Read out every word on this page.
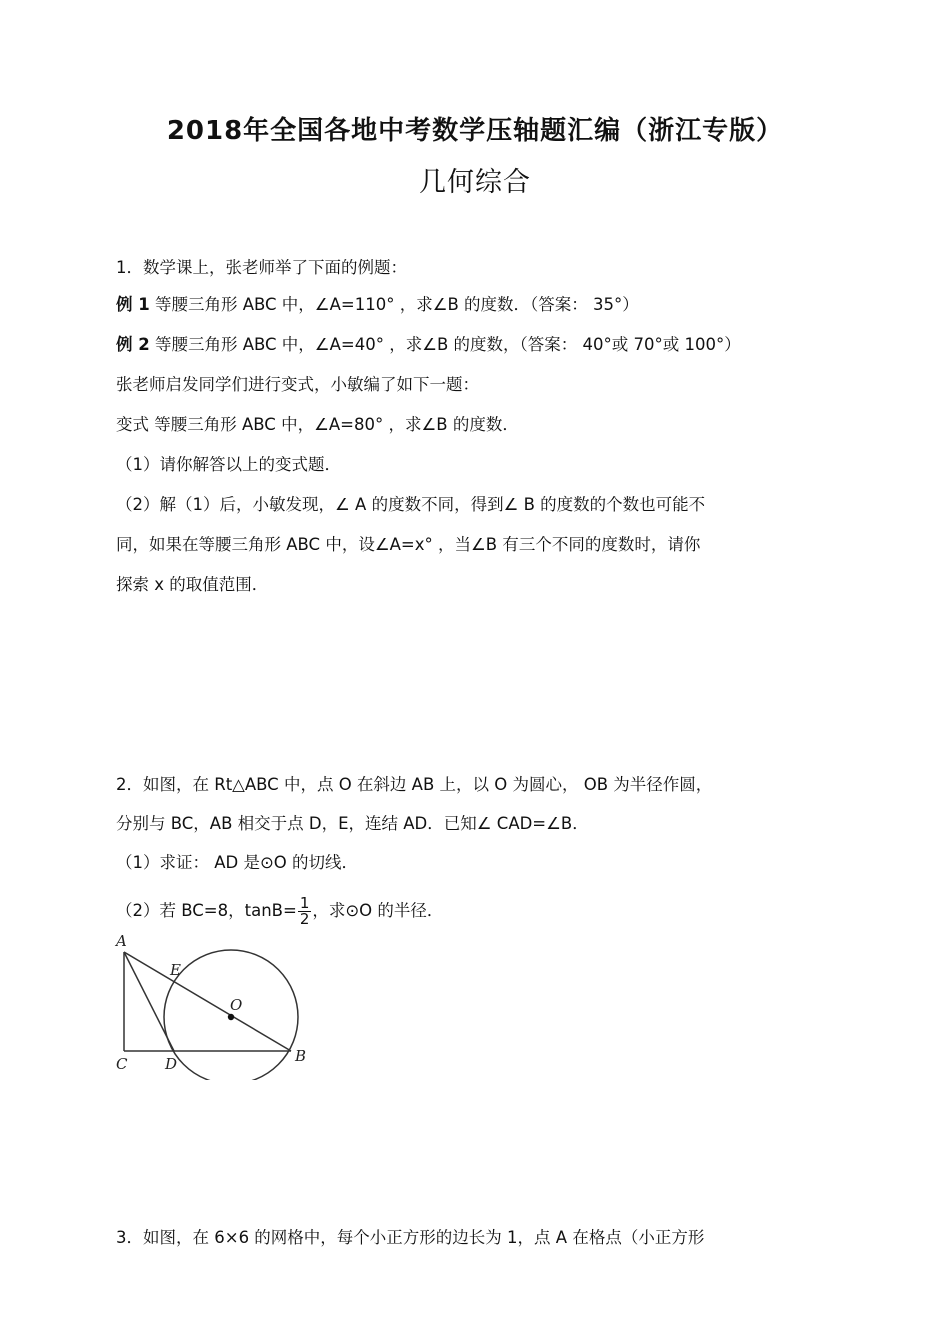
2018年全国各地中考数学压轴题汇编（浙江专版）
几何综合
1．数学课上，张老师举了下面的例题：
例 1 等腰三角形 ABC 中，∠A=110° ，求∠B 的度数．（答案： 35°）
例 2 等腰三角形 ABC 中，∠A=40° ，求∠B 的度数，（答案： 40°或 70°或 100°）
张老师启发同学们进行变式，小敏编了如下一题：
变式 等腰三角形 ABC 中，∠A=80° ，求∠B 的度数．
（1）请你解答以上的变式题．
（2）解（1）后，小敏发现，∠ A 的度数不同，得到∠ B 的度数的个数也可能不
同，如果在等腰三角形 ABC 中，设∠A=x° ，当∠B 有三个不同的度数时，请你
探索 x 的取值范围．
2．如图，在 Rt△ABC 中，点 O 在斜边 AB 上，以 O 为圆心， OB 为半径作圆，
分别与 BC，AB 相交于点 D，E，连结 AD．已知∠ CAD=∠B．
（1）求证： AD 是⊙O 的切线．
（2）若 BC=8，$\tan B= \frac{1}{2}$ ，求⊙O 的半径．
A
E
O
C	D	B
3．如图，在 6×6 的网格中，每个小正方形的边长为 1，点 A 在格点（小正方形
